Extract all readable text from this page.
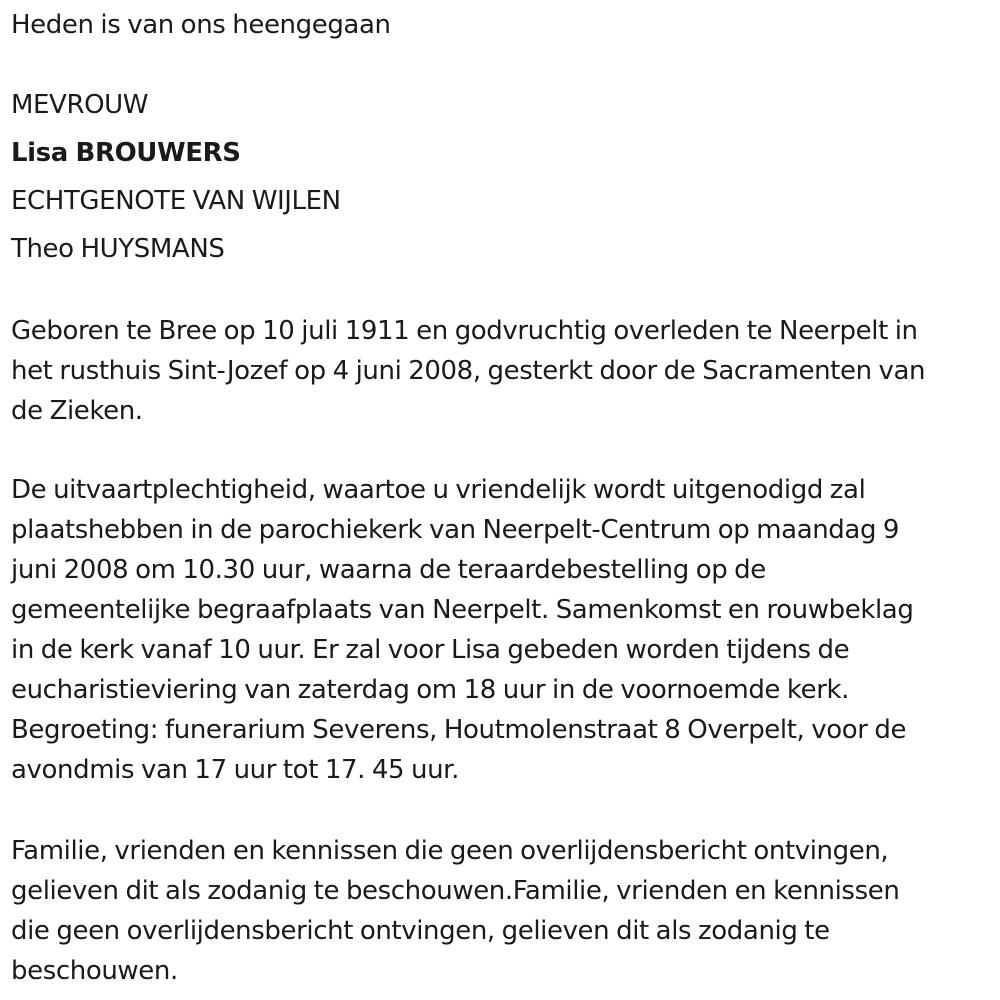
Heden is van ons heengegaan
MEVROUW
Lisa BROUWERS
ECHTGENOTE VAN WIJLEN
Theo HUYSMANS
Geboren te Bree op 10 juli 1911 en godvruchtig overleden te Neerpelt in
het rusthuis Sint-Jozef op 4 juni 2008, gesterkt door de Sacramenten van
de Zieken.
De uitvaartplechtigheid, waartoe u vriendelijk wordt uitgenodigd zal
plaatshebben in de parochiekerk van Neerpelt-Centrum op maandag 9
juni 2008 om 10.30 uur, waarna de teraardebestelling op de
gemeentelijke begraafplaats van Neerpelt. Samenkomst en rouwbeklag
in de kerk vanaf 10 uur. Er zal voor Lisa gebeden worden tijdens de
eucharistieviering van zaterdag om 18 uur in de voornoemde kerk.
Begroeting: funerarium Severens, Houtmolenstraat 8 Overpelt, voor de
avondmis van 17 uur tot 17. 45 uur.
Familie, vrienden en kennissen die geen overlijdensbericht ontvingen,
gelieven dit als zodanig te beschouwen.Familie, vrienden en kennissen
die geen overlijdensbericht ontvingen, gelieven dit als zodanig te
beschouwen.
